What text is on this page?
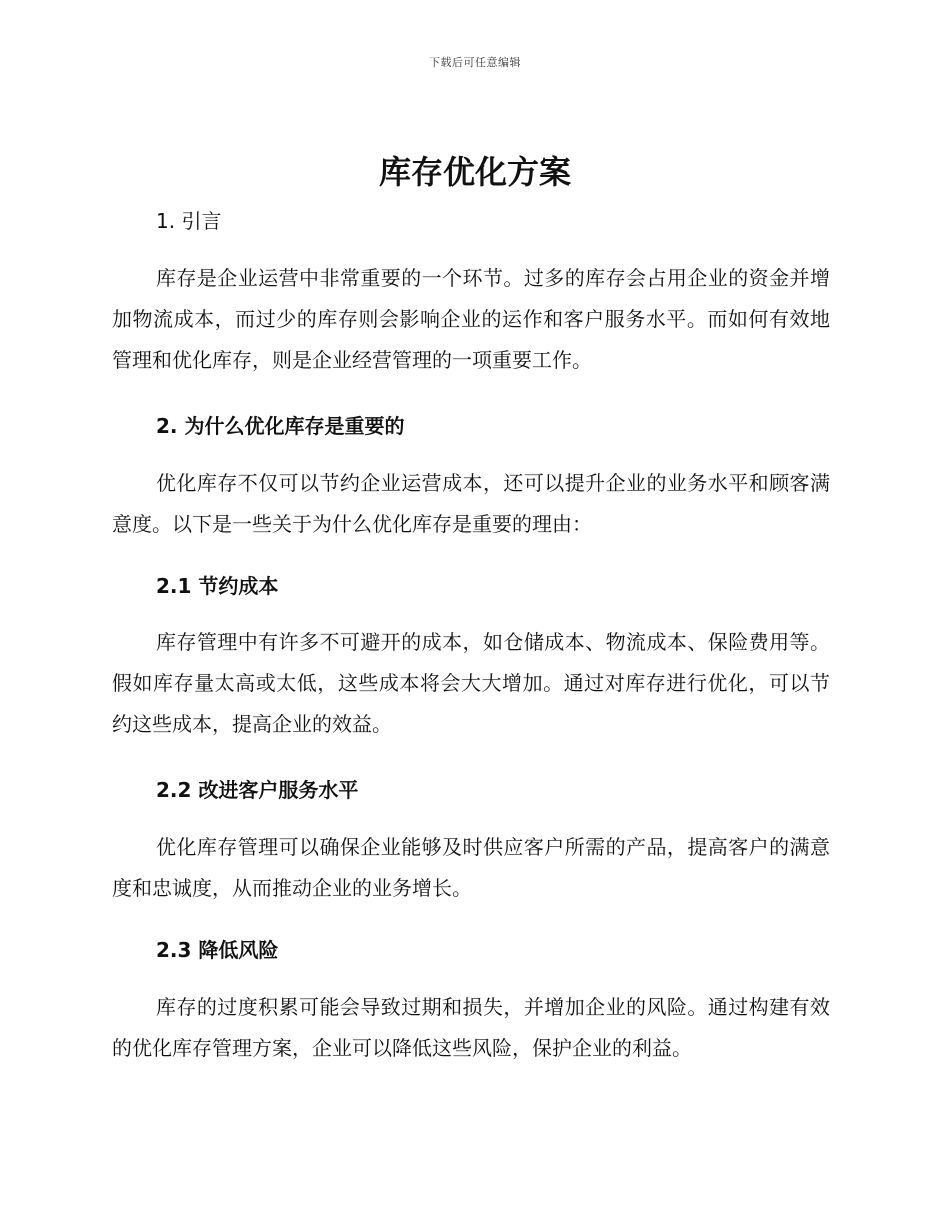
下载后可任意编辑
库存优化方案
1. 引言

库存是企业运营中非常重要的一个环节。过多的库存会占用企业的资金并增加物流成本，而过少的库存则会影响企业的运作和客户服务水平。而如何有效地管理和优化库存，则是企业经营管理的一项重要工作。

2. 为什么优化库存是重要的

优化库存不仅可以节约企业运营成本，还可以提升企业的业务水平和顾客满意度。以下是一些关于为什么优化库存是重要的理由：

2.1 节约成本

库存管理中有许多不可避开的成本，如仓储成本、物流成本、保险费用等。假如库存量太高或太低，这些成本将会大大增加。通过对库存进行优化，可以节约这些成本，提高企业的效益。

2.2 改进客户服务水平

优化库存管理可以确保企业能够及时供应客户所需的产品，提高客户的满意度和忠诚度，从而推动企业的业务增长。

2.3 降低风险

库存的过度积累可能会导致过期和损失，并增加企业的风险。通过构建有效的优化库存管理方案，企业可以降低这些风险，保护企业的利益。
